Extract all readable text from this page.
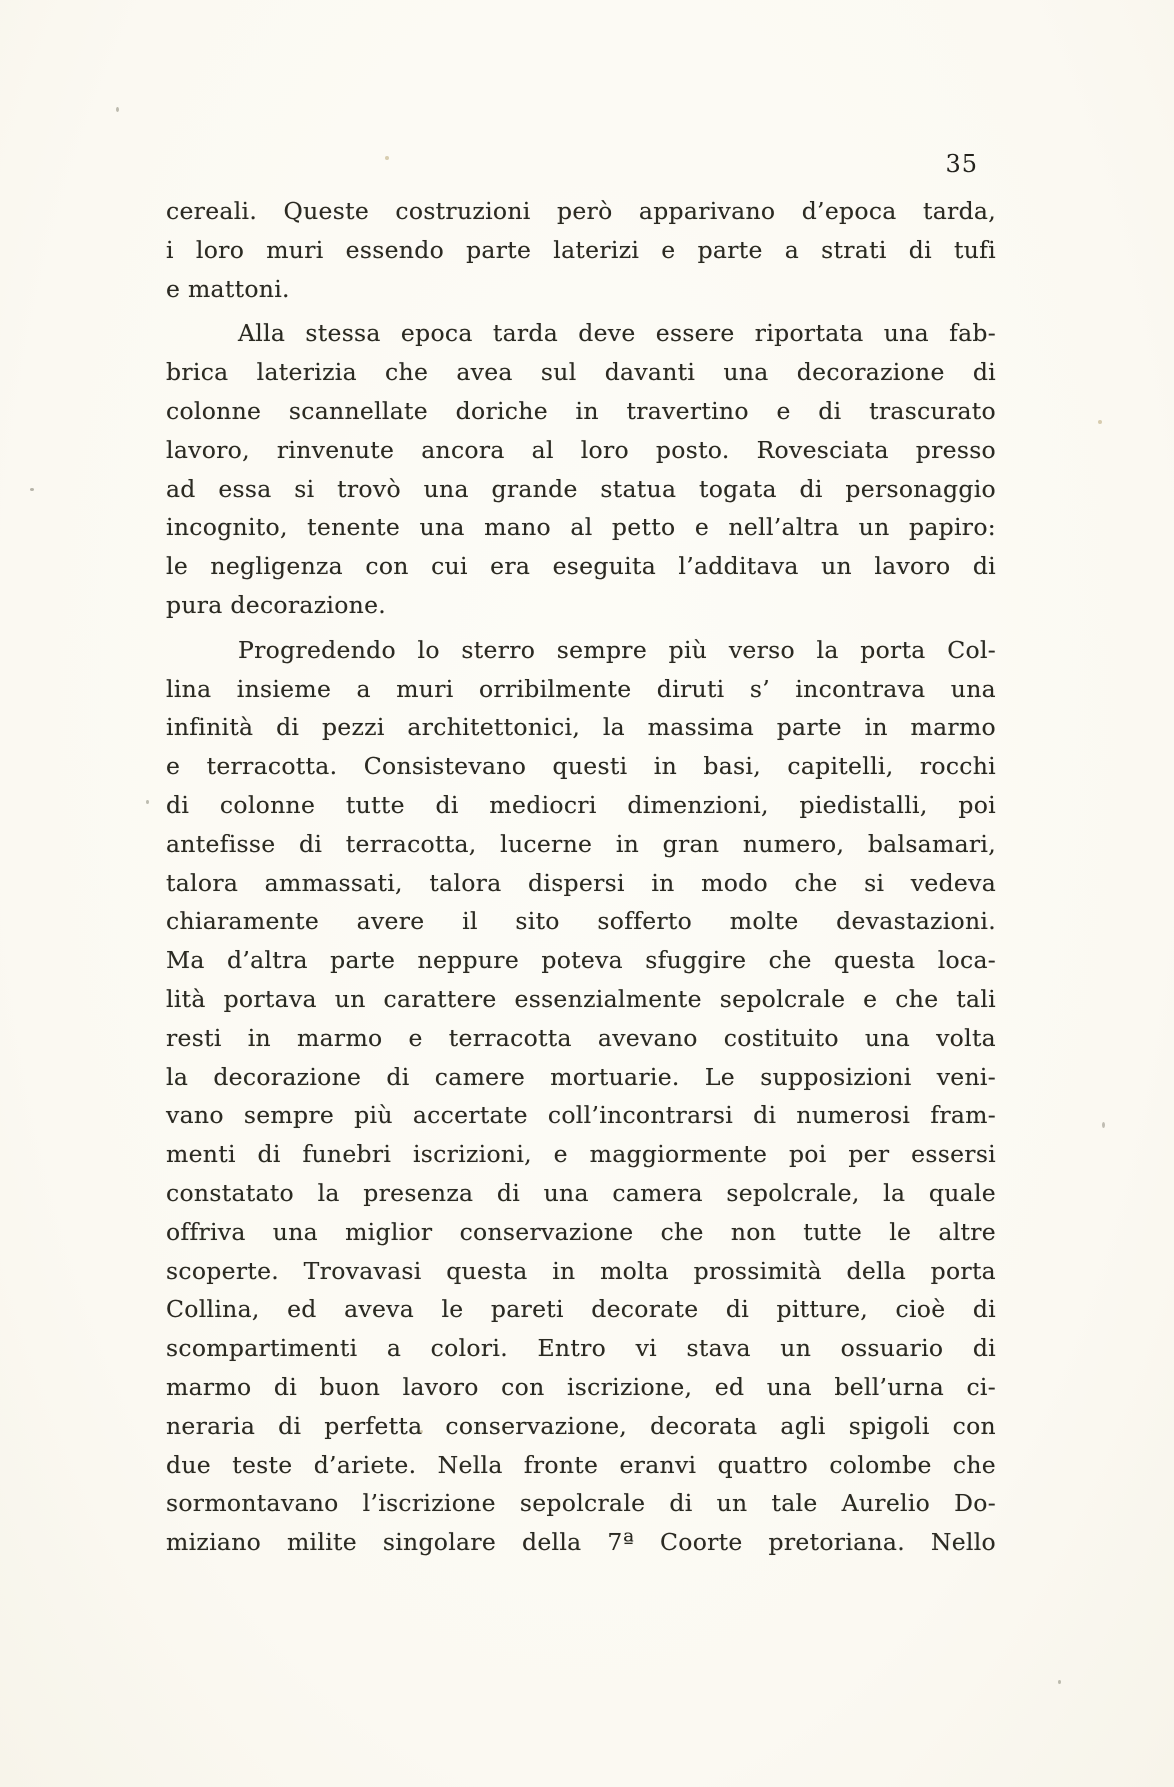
35
cereali. Queste costruzioni però apparivano d’epoca tarda,
i loro muri essendo parte laterizi e parte a strati di tufi
e mattoni.
Alla stessa epoca tarda deve essere riportata una fab-
brica laterizia che avea sul davanti una decorazione di
colonne scannellate doriche in travertino e di trascurato
lavoro, rinvenute ancora al loro posto. Rovesciata presso
ad essa si trovò una grande statua togata di personaggio
incognito, tenente una mano al petto e nell’altra un papiro:
le negligenza con cui era eseguita l’additava un lavoro di
pura decorazione.
Progredendo lo sterro sempre più verso la porta Col-
lina insieme a muri orribilmente diruti s’ incontrava una
infinità di pezzi architettonici, la massima parte in marmo
e terracotta. Consistevano questi in basi, capitelli, rocchi
di colonne tutte di mediocri dimenzioni, piedistalli, poi
antefisse di terracotta, lucerne in gran numero, balsamari,
talora ammassati, talora dispersi in modo che si vedeva
chiaramente avere il sito sofferto molte devastazioni.
Ma d’altra parte neppure poteva sfuggire che questa loca-
lità portava un carattere essenzialmente sepolcrale e che tali
resti in marmo e terracotta avevano costituito una volta
la decorazione di camere mortuarie. Le supposizioni veni-
vano sempre più accertate coll’incontrarsi di numerosi fram-
menti di funebri iscrizioni, e maggiormente poi per essersi
constatato la presenza di una camera sepolcrale, la quale
offriva una miglior conservazione che non tutte le altre
scoperte. Trovavasi questa in molta prossimità della porta
Collina, ed aveva le pareti decorate di pitture, cioè di
scompartimenti a colori. Entro vi stava un ossuario di
marmo di buon lavoro con iscrizione, ed una bell’urna ci-
neraria di perfetta conservazione, decorata agli spigoli con
due teste d’ariete. Nella fronte eranvi quattro colombe che
sormontavano l’iscrizione sepolcrale di un tale Aurelio Do-
miziano milite singolare della 7ª Coorte pretoriana. Nello
